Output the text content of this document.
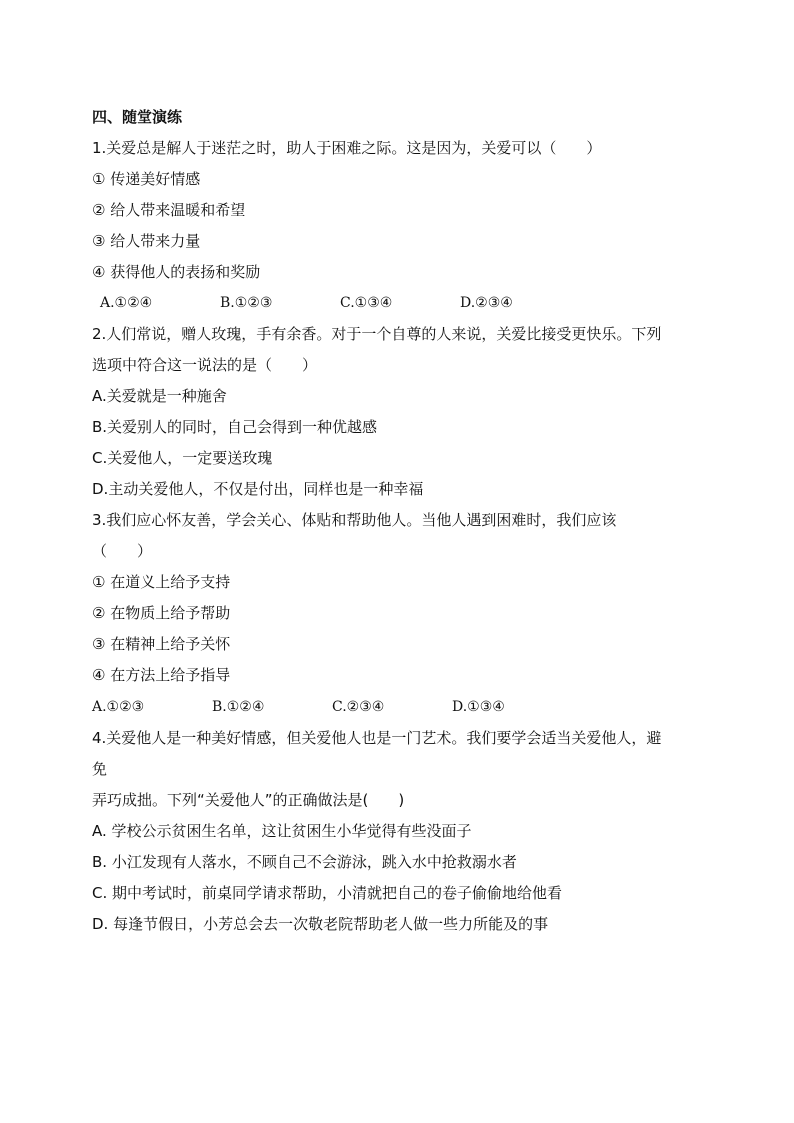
四、随堂演练

1.关爱总是解人于迷茫之时，助人于困难之际。这是因为，关爱可以（　　）

① 传递美好情感

② 给人带来温暖和希望

③ 给人带来力量

④ 获得他人的表扬和奖励

A.①②④	B.①②③	C.①③④	D.②③④

2.人们常说，赠人玫瑰，手有余香。对于一个自尊的人来说，关爱比接受更快乐。下列

选项中符合这一说法的是（　　）

A.关爱就是一种施舍

B.关爱别人的同时，自己会得到一种优越感

C.关爱他人，一定要送玫瑰

D.主动关爱他人，不仅是付出，同样也是一种幸福

3.我们应心怀友善，学会关心、体贴和帮助他人。当他人遇到困难时，我们应该

（　　）

① 在道义上给予支持

② 在物质上给予帮助

③ 在精神上给予关怀

④ 在方法上给予指导

A.①②③	B.①②④	C.②③④	D.①③④

4.关爱他人是一种美好情感，但关爱他人也是一门艺术。我们要学会适当关爱他人，避

免

弄巧成拙。下列“关爱他人”的正确做法是(　　)

A. 学校公示贫困生名单，这让贫困生小华觉得有些没面子

B. 小江发现有人落水，不顾自己不会游泳，跳入水中抢救溺水者

C. 期中考试时，前桌同学请求帮助，小清就把自己的卷子偷偷地给他看

D. 每逢节假日，小芳总会去一次敬老院帮助老人做一些力所能及的事
